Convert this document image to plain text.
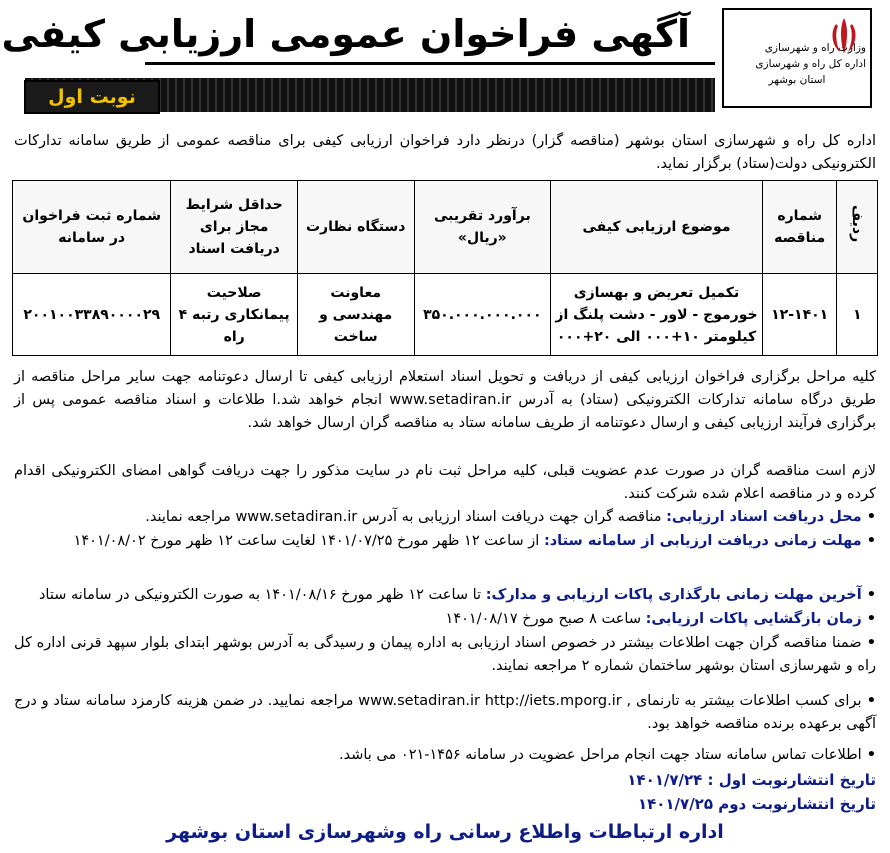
وزارت راه و شهرسازی
اداره کل راه و شهرسازی
استان بوشهر
آگهی فراخوان عمومی ارزیابی کیفی
نوبت اول
اداره کل راه و شهرسازی استان بوشهر (مناقصه گزار) درنظر دارد فراخوان ارزیابی کیفی برای مناقصه عمومی از طریق سامانه تدارکات الکترونیکی دولت(ستاد) برگزار نماید.
ردیف	شماره مناقصه	موضوع ارزیابی کیفی	برآورد تقریبی «ریال»	دستگاه نظارت	حداقل شرایط مجاز برای دریافت اسناد	شماره ثبت فراخوان در سامانه
۱	۱۲-۱۴۰۱	تکمیل تعریض و بهسازی خورموج - لاور - دشت پلنگ از کیلومتر ۱۰+۰۰۰ الی ۲۰+۰۰۰	۳۵۰.۰۰۰.۰۰۰.۰۰۰	معاونت مهندسی و ساخت	صلاحیت پیمانکاری رتبه ۴ راه	۲۰۰۱۰۰۳۳۸۹۰۰۰۰۲۹
کلیه مراحل برگزاری فراخوان ارزیابی کیفی از دریافت و تحویل اسناد استعلام ارزیابی کیفی تا ارسال دعوتنامه جهت سایر مراحل مناقصه از طریق درگاه سامانه تدارکات الکترونیکی (ستاد) به آدرس www.setadiran.ir انجام خواهد شد.ا طلاعات و اسناد مناقصه عمومی پس از برگزاری فرآیند ارزیابی کیفی و ارسال دعوتنامه از طریف سامانه ستاد به مناقصه گران ارسال خواهد شد.
لازم است مناقصه گران در صورت عدم عضویت قبلی، کلیه مراحل ثبت نام در سایت مذکور را جهت دریافت گواهی امضای الکترونیکی اقدام کرده و در مناقصه اعلام شده شرکت کنند.
• محل دریافت اسناد ارزیابی: مناقصه گران جهت دریافت اسناد ارزیابی به آدرس www.setadiran.ir مراجعه نمایند.
• مهلت زمانی دریافت ارزیابی از سامانه ستاد: از ساعت ۱۲ ظهر مورخ ۱۴۰۱/۰۷/۲۵ لغایت ساعت ۱۲ ظهر مورخ ۱۴۰۱/۰۸/۰۲
• آخرین مهلت زمانی بارگذاری پاکات ارزیابی و مدارک: تا ساعت ۱۲ ظهر مورخ ۱۴۰۱/۰۸/۱۶ به صورت الکترونیکی در سامانه ستاد
• زمان بازگشایی پاکات ارزیابی: ساعت ۸ صبح مورخ ۱۴۰۱/۰۸/۱۷
• ضمنا مناقصه گران جهت اطلاعات بیشتر در خصوص اسناد ارزیابی به اداره پیمان و رسیدگی به آدرس بوشهر ابتدای بلوار سپهد قرنی اداره کل راه و شهرسازی استان بوشهر ساختمان شماره ۲ مراجعه نمایند.
• برای کسب اطلاعات بیشتر به تارنمای , www.setadiran.ir http://iets.mporg.ir مراجعه نمایید. در ضمن هزینه کارمزد سامانه ستاد و درج آگهی برعهده برنده مناقصه خواهد بود.
• اطلاعات تماس سامانه ستاد جهت انجام مراحل عضویت در سامانه ۱۴۵۶-۰۲۱ می باشد.
تاریخ انتشارنوبت اول : ۱۴۰۱/۷/۲۴
تاریخ انتشارنوبت دوم ۱۴۰۱/۷/۲۵
اداره ارتباطات واطلاع رسانی راه وشهرسازی استان بوشهر
